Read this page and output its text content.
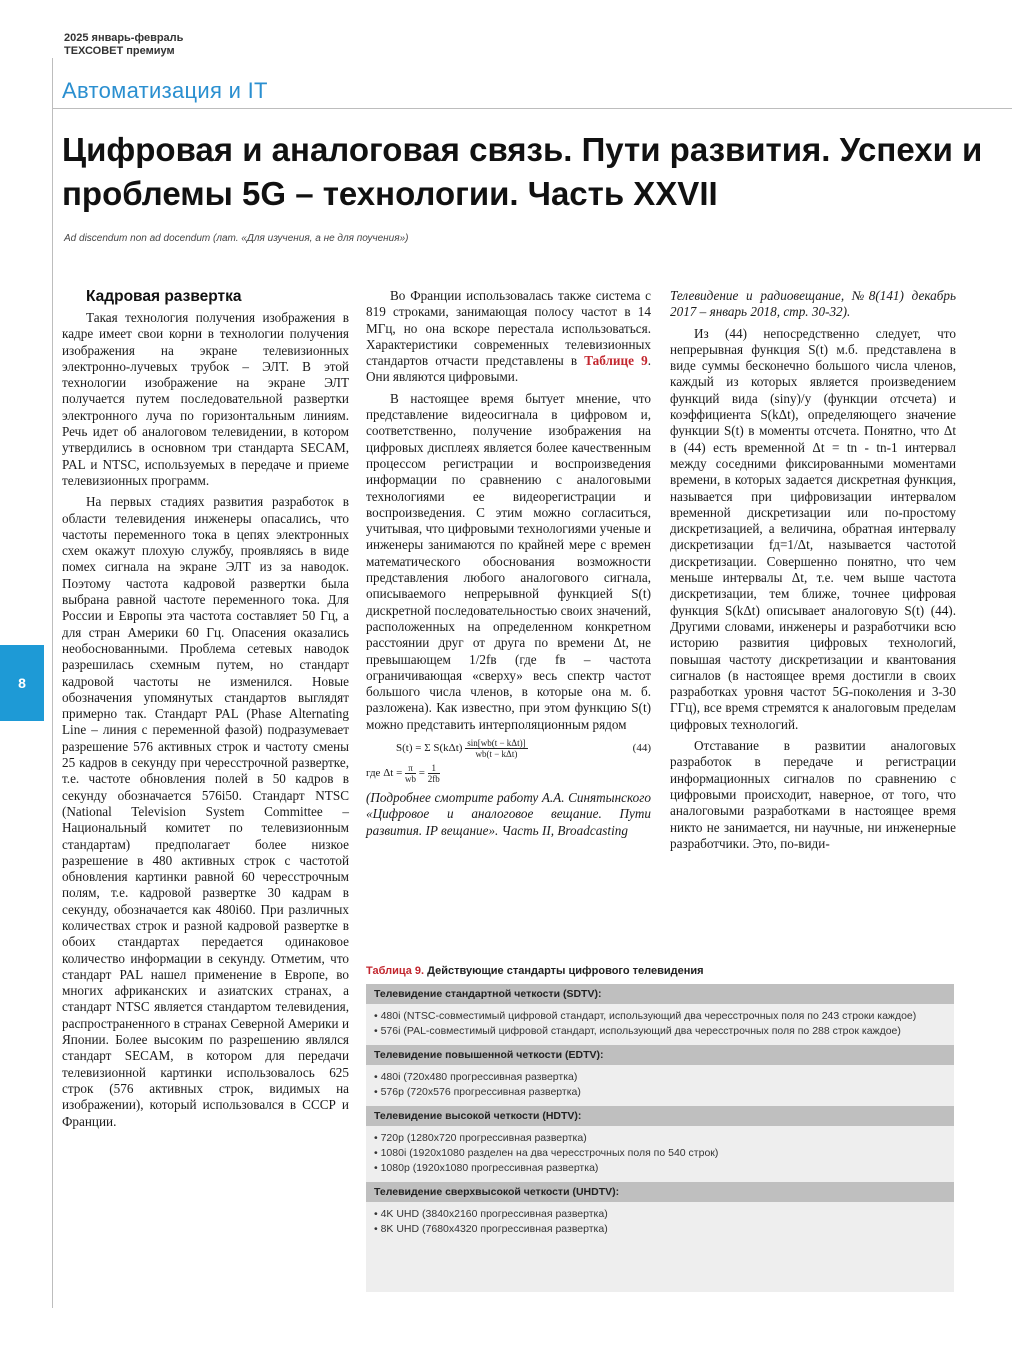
2025 январь-февраль
ТЕХСОВЕТ премиум
Автоматизация и IT
Цифровая и аналоговая связь. Пути развития. Успехи и проблемы 5G – технологии. Часть XXVII
Ad discendum non ad docendum (лат. «Для изучения, а не для поучения»)
8
Кадровая развертка

Такая технология получения изображения в кадре имеет свои корни в технологии получения изображения на экране телевизионных электронно-лучевых трубок – ЭЛТ. В этой технологии изображение на экране ЭЛТ получается путем последовательной развертки электронного луча по горизонтальным линиям. Речь идет об аналоговом телевидении, в котором утвердились в основном три стандарта SECAM, PAL и NTSC, используемых в передаче и приеме телевизионных программ.

На первых стадиях развития разработок в области телевидения инженеры опасались, что частоты переменного тока в цепях электронных схем окажут плохую службу, проявляясь в виде помех сигнала на экране ЭЛТ из за наводок. Поэтому частота кадровой развертки была выбрана равной частоте переменного тока. Для России и Европы эта частота составляет 50 Гц, а для стран Америки 60 Гц. Опасения оказались необоснованными. Проблема сетевых наводок разрешилась схемным путем, но стандарт кадровой частоты не изменился. Новые обозначения упомянутых стандартов выглядят примерно так. Стандарт PAL (Phase Alternating Line – линия с переменной фазой) подразумевает разрешение 576 активных строк и частоту смены 25 кадров в секунду при чересстрочной развертке, т.е. частоте обновления полей в 50 кадров в секунду обозначается 576i50. Стандарт NTSC (National Television System Committee – Национальный комитет по телевизионным стандартам) предполагает более низкое разрешение в 480 активных строк с частотой обновления картинки равной 60 чересстрочным полям, т.е. кадровой развертке 30 кадрам в секунду, обозначается как 480i60. При различных количествах строк и разной кадровой развертке в обоих стандартах передается одинаковое количество информации в секунду. Отметим, что стандарт PAL нашел применение в Европе, во многих африканских и азиатских странах, а стандарт NTSC является стандартом телевидения, распространенного в странах Северной Америки и Японии. Более высоким по разрешению являлся стандарт SECAM, в котором для передачи телевизионной картинки использовалось 625 строк (576 активных строк, видимых на изображении), который использовался в СССР и Франции.

Во Франции использовалась также система с 819 строками, занимающая полосу частот в 14 МГц, но она вскоре перестала использоваться. Характеристики современных телевизионных стандартов отчасти представлены в Таблице 9. Они являются цифровыми.

В настоящее время бытует мнение, что представление видеосигнала в цифровом и, соответственно, получение изображения на цифровых дисплеях является более качественным процессом регистрации и воспроизведения информации по сравнению с аналоговыми технологиями ее видеорегистрации и воспроизведения. С этим можно согласиться, учитывая, что цифровыми технологиями ученые и инженеры занимаются по крайней мере с времен математического обоснования возможности представления любого аналогового сигнала, описываемого непрерывной функцией S(t) дискретной последовательностью своих значений, расположенных на определенном конкретном расстоянии друг от друга по времени Δt, не превышающем 1/2fв (где fв – частота ограничивающая «сверху» весь спектр частот большого числа членов, в которые она м. б. разложена). Как известно, при этом функцию S(t) можно представить интерполяционным рядом

S(t) = Σ $S(k\Delta t) \frac{\text{sin[wb(t − kΔt)]}}{\text{wb(t − kΔt)}}$	(44)
где $\Delta t = \frac{\pi}{wb} = \frac{1}{2fb}$

(Подробнее смотрите работу А.А. Синятынского «Цифровое и аналоговое вещание. Пути развития. IP вещание». Часть II, Broadcasting

Телевидение и радиовещание, №8(141) декабрь 2017 – январь 2018, стр. 30-32).

Из (44) непосредственно следует, что непрерывная функция S(t) м.б. представлена в виде суммы бесконечно большого числа членов, каждый из которых является произведением функций вида (siny)/y (функции отсчета) и коэффициента S(kΔt), определяющего значение функции S(t) в моменты отсчета. Понятно, что Δt в (44) есть временной Δt = tn - tn-1 интервал между соседними фиксированными моментами времени, в которых задается дискретная функция, называется при цифровизации интервалом временной дискретизации или по-простому дискретизацией, а величина, обратная интервалу дискретизации fд=1/Δt, называется частотой дискретизации. Совершенно понятно, что чем меньше интервалы Δt, т.е. чем выше частота дискретизации, тем ближе, точнее цифровая функция S(kΔt) описывает аналоговую S(t) (44). Другими словами, инженеры и разработчики всю историю развития цифровых технологий, повышая частоту дискретизации и квантования сигналов (в настоящее время достигли в своих разработках уровня частот 5G-поколения и 3-30 ГГц), все время стремятся к аналоговым пределам цифровых технологий.

Отставание в развитии аналоговых разработок в передаче и регистрации информационных сигналов по сравнению с цифровыми происходит, наверное, от того, что аналоговыми разработками в настоящее время никто не занимается, ни научные, ни инженерные разработчики. Это, по-види-

Таблица 9. Действующие стандарты цифрового телевидения
Телевидение стандартной четкости (SDTV):
• 480i (NTSC-совместимый цифровой стандарт, использующий два чересстрочных поля по 243 строки каждое)
• 576i (PAL-совместимый цифровой стандарт, использующий два чересстрочных поля по 288 строк каждое)
Телевидение повышенной четкости (EDTV):
• 480i (720х480 прогрессивная развертка)
• 576р (720х576 прогрессивная развертка)
Телевидение высокой четкости (HDTV):
• 720р (1280х720 прогрессивная развертка)
• 1080i (1920х1080 разделен на два чересстрочных поля по 540 строк)
• 1080р (1920х1080 прогрессивная развертка)
Телевидение сверхвысокой четкости (UHDTV):
• 4K UHD (3840х2160 прогрессивная развертка)
• 8K UHD (7680х4320 прогрессивная развертка)
